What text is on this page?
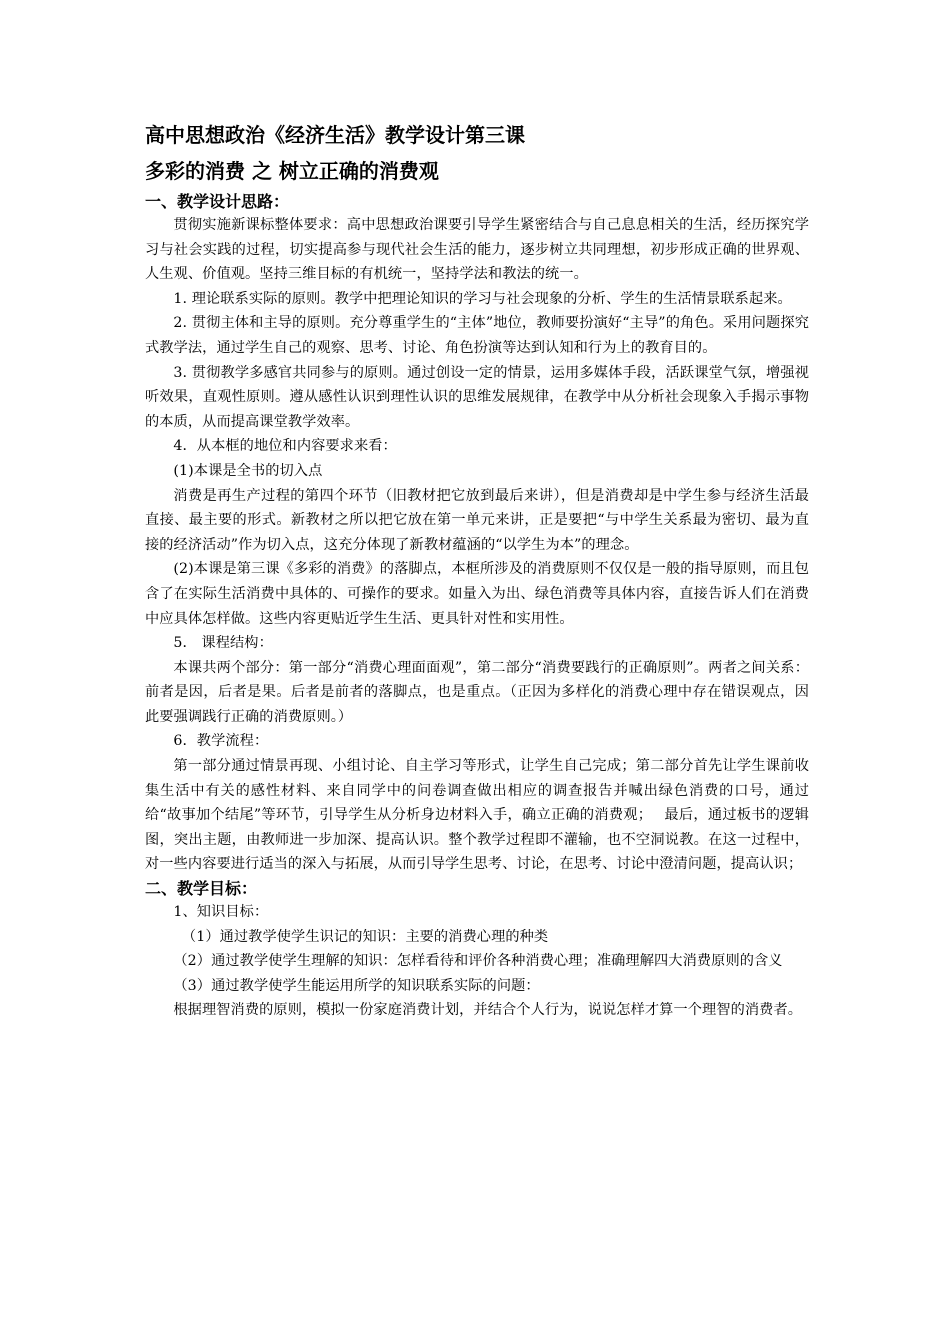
高中思想政治《经济生活》教学设计第三课
多彩的消费 之 树立正确的消费观
一、教学设计思路：

贯彻实施新课标整体要求：高中思想政治课要引导学生紧密结合与自己息息相关的生活，经历探究学习与社会实践的过程，切实提高参与现代社会生活的能力，逐步树立共同理想，初步形成正确的世界观、人生观、价值观。坚持三维目标的有机统一，坚持学法和教法的统一。

1. 理论联系实际的原则。教学中把理论知识的学习与社会现象的分析、学生的生活情景联系起来。

2. 贯彻主体和主导的原则。充分尊重学生的“主体”地位，教师要扮演好“主导”的角色。采用问题探究式教学法，通过学生自己的观察、思考、讨论、角色扮演等达到认知和行为上的教育目的。

3. 贯彻教学多感官共同参与的原则。通过创设一定的情景，运用多媒体手段，活跃课堂气氛，增强视听效果，直观性原则。遵从感性认识到理性认识的思维发展规律，在教学中从分析社会现象入手揭示事物的本质，从而提高课堂教学效率。

4．从本框的地位和内容要求来看：

(1)本课是全书的切入点

消费是再生产过程的第四个环节（旧教材把它放到最后来讲），但是消费却是中学生参与经济生活最直接、最主要的形式。新教材之所以把它放在第一单元来讲，正是要把“与中学生关系最为密切、最为直接的经济活动”作为切入点，这充分体现了新教材蕴涵的“以学生为本”的理念。

(2)本课是第三课《多彩的消费》的落脚点，本框所涉及的消费原则不仅仅是一般的指导原则，而且包含了在实际生活消费中具体的、可操作的要求。如量入为出、绿色消费等具体内容，直接告诉人们在消费中应具体怎样做。这些内容更贴近学生生活、更具针对性和实用性。

5． 课程结构：

本课共两个部分：第一部分“消费心理面面观”，第二部分“消费要践行的正确原则”。两者之间关系：前者是因，后者是果。后者是前者的落脚点，也是重点。（正因为多样化的消费心理中存在错误观点，因此要强调践行正确的消费原则。）

6．教学流程：

第一部分通过情景再现、小组讨论、自主学习等形式，让学生自己完成；第二部分首先让学生课前收集生活中有关的感性材料、来自同学中的问卷调查做出相应的调查报告并喊出绿色消费的口号，通过给“故事加个结尾”等环节，引导学生从分析身边材料入手，确立正确的消费观；　 最后，通过板书的逻辑图，突出主题，由教师进一步加深、提高认识。整个教学过程即不灌输，也不空洞说教。在这一过程中，对一些内容要进行适当的深入与拓展，从而引导学生思考、讨论，在思考、讨论中澄清问题，提高认识；

二、教学目标：

1、知识目标：

（1）通过教学使学生识记的知识：主要的消费心理的种类

（2）通过教学使学生理解的知识：怎样看待和评价各种消费心理；准确理解四大消费原则的含义

（3）通过教学使学生能运用所学的知识联系实际的问题：

根据理智消费的原则，模拟一份家庭消费计划，并结合个人行为，说说怎样才算一个理智的消费者。
